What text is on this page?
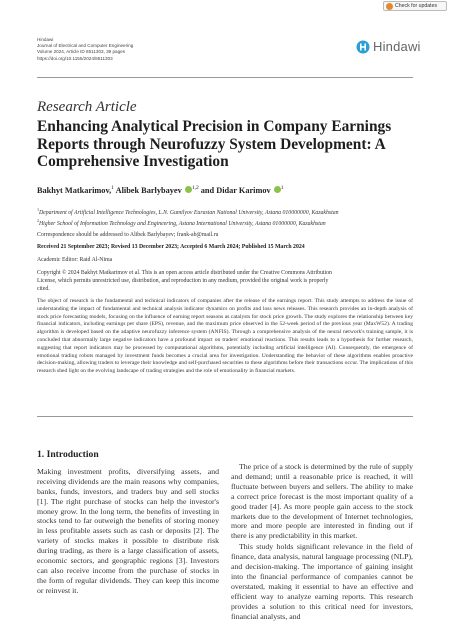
Check for updates
Hindawi
Journal of Electrical and Computer Engineering
Volume 2024, Article ID 8511303, 39 pages
https://doi.org/10.1155/2024/8511303
Hindawi
Research Article
Enhancing Analytical Precision in Company Earnings
Reports through Neurofuzzy System Development: A
Comprehensive Investigation
Bakhyt Matkarimov,$^1$ Alibek Barlybayev $^{1,2}$ and Didar Karimov $^1$
$^1$Department of Artificial Intelligence Technologies, L.N. Gumilyov Eurasian National University, Astana 010000000, Kazakhstan
$^2$Higher School of Information Technology and Engineering, Astana International University, Astana 01000000, Kazakhstan
Correspondence should be addressed to Alibek Barlybayev; frank-ab@mail.ru
Received 21 September 2023; Revised 13 December 2023; Accepted 6 March 2024; Published 15 March 2024
Academic Editor: Raid Al-Nima
Copyright © 2024 Bakhyt Matkarimov et al. This is an open access article distributed under the Creative Commons Attribution
License, which permits unrestricted use, distribution, and reproduction in any medium, provided the original work is properly
cited.
The object of research is the fundamental and technical indicators of companies after the release of the earnings report. This study attempts to address the issue of understanding the impact of fundamental and technical analysis indicator dynamics on profits and loss news releases. This research provides an in-depth analysis of stock price forecasting models, focusing on the influence of earning report seasons as catalysts for stock price growth. The study explores the relationship between key financial indicators, including earnings per share (EPS), revenue, and the maximum price observed in the 52-week period of the previous year (MaxW52). A trading algorithm is developed based on the adaptive neurofuzzy inference system (ANFIS). Through a comprehensive analysis of the neural network's training sample, it is concluded that abnormally large negative indicators have a profound impact on traders' emotional reactions. This results leads to a hypothesis for further research, suggesting that report indicators may be processed by computational algorithms, potentially including artificial intelligence (AI). Consequently, the emergence of emotional trading robots managed by investment funds becomes a crucial area for investigation. Understanding the behavior of these algorithms enables proactive decision-making, allowing traders to leverage their knowledge and self-purchased securities to these algorithms before their transactions occur. The implications of this research shed light on the evolving landscape of trading strategies and the role of emotionality in financial markets.
1. Introduction

Making investment profits, diversifying assets, and receiving dividends are the main reasons why companies, banks, funds, investors, and traders buy and sell stocks [1]. The right purchase of stocks can help the investor's money grow. In the long term, the benefits of investing in stocks tend to far outweigh the benefits of storing money in less profitable assets such as cash or deposits [2]. The variety of stocks makes it possible to distribute risk during trading, as there is a large classification of assets, economic sectors, and geographic regions [3]. Investors can also receive income from the purchase of stocks in the form of regular dividends. They can keep this income or reinvest it.

The price of a stock is determined by the rule of supply and demand; until a reasonable price is reached, it will fluctuate between buyers and sellers. The ability to make a correct price forecast is the most important quality of a good trader [4]. As more people gain access to the stock markets due to the development of Internet technologies, more and more people are interested in finding out if there is any predictability in this market.

This study holds significant relevance in the field of finance, data analysis, natural language processing (NLP), and decision-making. The importance of gaining insight into the financial performance of companies cannot be overstated, making it essential to have an effective and efficient way to analyze earning reports. This research provides a solution to this critical need for investors, financial analysts, and
